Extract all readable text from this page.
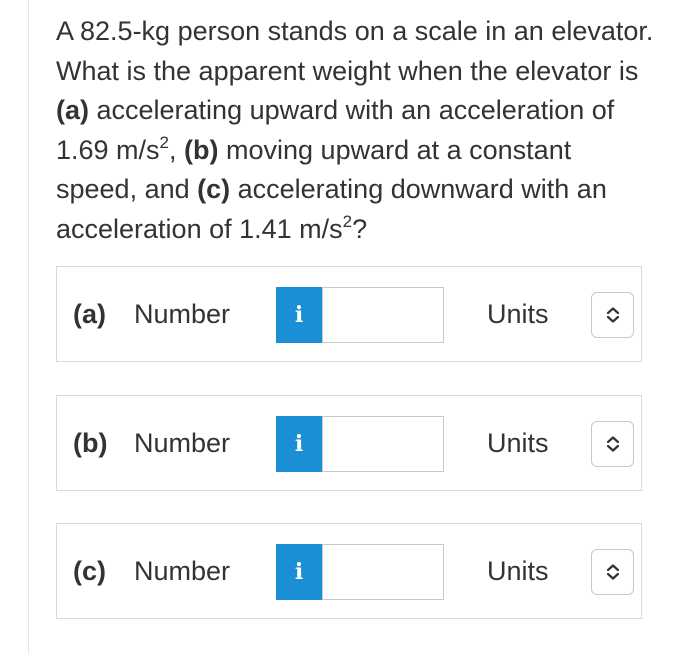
A 82.5-kg person stands on a scale in an elevator. What is the apparent weight when the elevator is (a) accelerating upward with an acceleration of 1.69 $m/s^2$, (b) moving upward at a constant speed, and (c) accelerating downward with an acceleration of 1.41 $m/s^2$?

(a) Number	i	Units
(b) Number	i	Units
(c) Number	i	Units
